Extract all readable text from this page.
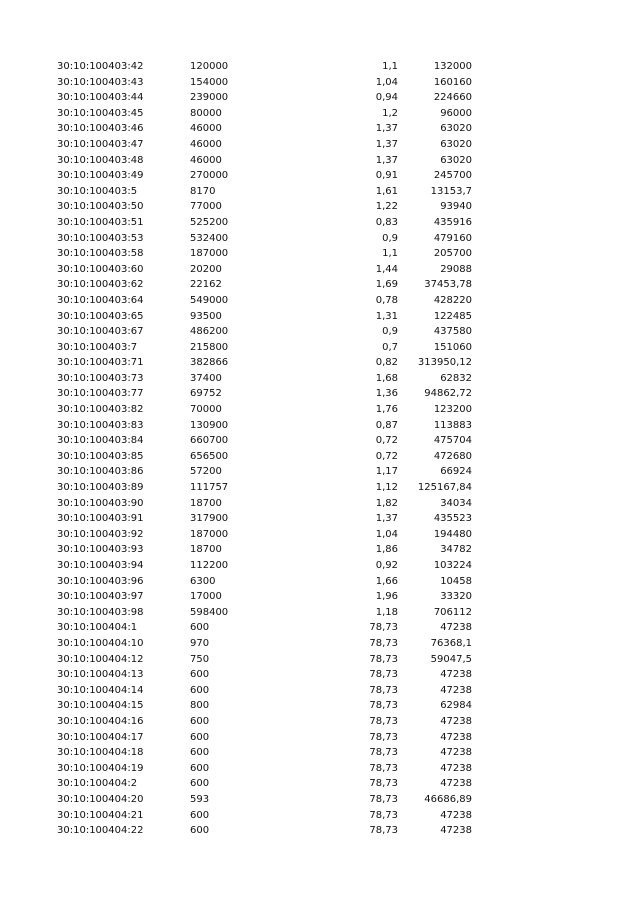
30:10:100403:42	120000	1,1	132000
30:10:100403:43	154000	1,04	160160
30:10:100403:44	239000	0,94	224660
30:10:100403:45	80000	1,2	96000
30:10:100403:46	46000	1,37	63020
30:10:100403:47	46000	1,37	63020
30:10:100403:48	46000	1,37	63020
30:10:100403:49	270000	0,91	245700
30:10:100403:5	8170	1,61	13153,7
30:10:100403:50	77000	1,22	93940
30:10:100403:51	525200	0,83	435916
30:10:100403:53	532400	0,9	479160
30:10:100403:58	187000	1,1	205700
30:10:100403:60	20200	1,44	29088
30:10:100403:62	22162	1,69	37453,78
30:10:100403:64	549000	0,78	428220
30:10:100403:65	93500	1,31	122485
30:10:100403:67	486200	0,9	437580
30:10:100403:7	215800	0,7	151060
30:10:100403:71	382866	0,82 313950,12
30:10:100403:73	37400	1,68	62832
30:10:100403:77	69752	1,36	94862,72
30:10:100403:82	70000	1,76	123200
30:10:100403:83	130900	0,87	113883
30:10:100403:84	660700	0,72	475704
30:10:100403:85	656500	0,72	472680
30:10:100403:86	57200	1,17	66924
30:10:100403:89	111757	1,12 125167,84
30:10:100403:90	18700	1,82	34034
30:10:100403:91	317900	1,37	435523
30:10:100403:92	187000	1,04	194480
30:10:100403:93	18700	1,86	34782
30:10:100403:94	112200	0,92	103224
30:10:100403:96	6300	1,66	10458
30:10:100403:97	17000	1,96	33320
30:10:100403:98	598400	1,18	706112
30:10:100404:1	600	78,73	47238
30:10:100404:10	970	78,73	76368,1
30:10:100404:12	750	78,73	59047,5
30:10:100404:13	600	78,73	47238
30:10:100404:14	600	78,73	47238
30:10:100404:15	800	78,73	62984
30:10:100404:16	600	78,73	47238
30:10:100404:17	600	78,73	47238
30:10:100404:18	600	78,73	47238
30:10:100404:19	600	78,73	47238
30:10:100404:2	600	78,73	47238
30:10:100404:20	593	78,73	46686,89
30:10:100404:21	600	78,73	47238
30:10:100404:22	600	78,73	47238
